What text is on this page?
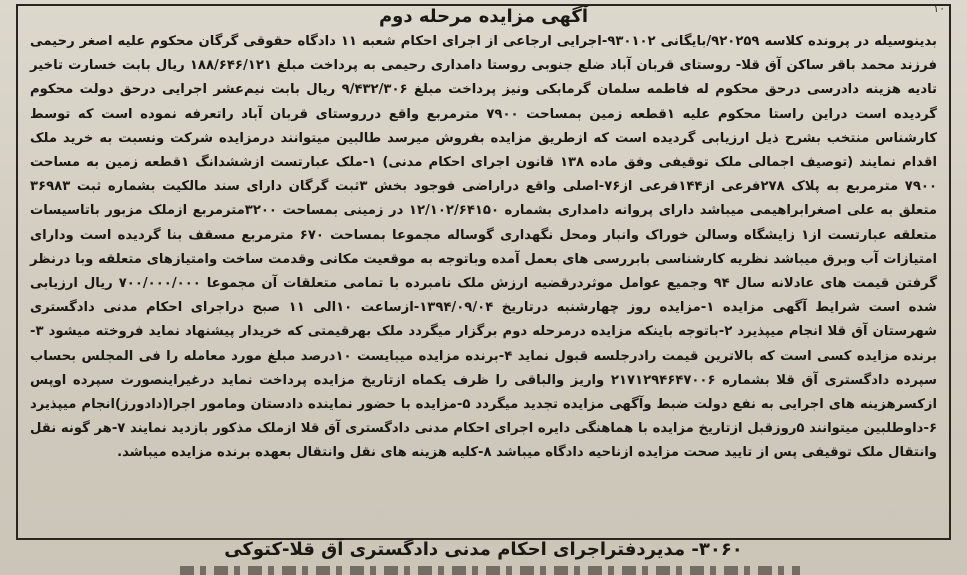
۱۰
آگهی مزایده مرحله دوم
بدینوسیله در پرونده کلاسه ۹۲۰۲۵۹/بایگانی ۹۳۰۱۰۲-اجرایی ارجاعی از اجرای احکام شعبه ۱۱ دادگاه حقوقی گرگان محکوم علیه اصغر رحیمی فرزند محمد باقر ساکن آق قلا- روستای قربان آباد ضلع جنوبی روستا دامداری رحیمی به پرداخت مبلغ ۱۸۸/۶۴۶/۱۲۱ ریال بابت خسارت تاخیر تادیه هزینه دادرسی درحق محکوم له فاطمه سلمان گرمابکی ونیز پرداخت مبلغ ۹/۴۳۲/۳۰۶ ریال بابت نیم‌عشر اجرایی درحق دولت محکوم گردیده است دراین راستا محکوم علیه ۱قطعه زمین بمساحت ۷۹۰۰ مترمربع واقع درروستای قربان آباد راتعرفه نموده است که توسط کارشناس منتخب بشرح ذیل ارزیابی گردیده است که ازطریق مزایده بفروش میرسد طالبین میتوانند درمزایده شرکت ونسبت به خرید ملک اقدام نمایند (توصیف اجمالی ملک توقیفی وفق ماده ۱۳۸ قانون اجرای احکام مدنی) ۱-ملک عبارتست ازششدانگ ۱قطعه زمین به مساحت ۷۹۰۰ مترمربع به پلاک ۲۷۸فرعی از۱۴۴فرعی از۷۶-اصلی واقع دراراضی فوجود بخش ۳ثبت گرگان دارای سند مالکیت بشماره ثبت ۳۶۹۸۳ متعلق به علی اصغرابراهیمی میباشد دارای پروانه دامداری بشماره ۱۲/۱۰۲/۶۴۱۵۰ در زمینی بمساحت ۳۲۰۰مترمربع ازملک مزبور باتاسیسات متعلقه عبارتست از۱ زایشگاه وسالن خوراک وانبار ومحل نگهداری گوساله مجموعا بمساحت ۶۷۰ مترمربع مسقف بنا گردیده است ودارای امتیازات آب وبرق میباشد نظریه کارشناسی بابررسی های بعمل آمده وباتوجه به موقعیت مکانی وقدمت ساخت وامتیازهای متعلقه وبا درنظر گرفتن قیمت های عادلانه سال ۹۴ وجمیع عوامل موثردرقضیه ارزش ملک نامبرده با تمامی متعلقات آن مجموعا ۷۰۰/۰۰۰/۰۰۰ ریال ارزیابی شده است شرایط آگهی مزایده ۱-مزایده روز چهارشنبه درتاریخ ۱۳۹۴/۰۹/۰۴-ازساعت ۱۰الی ۱۱ صبح دراجرای احکام مدنی دادگستری شهرستان آق قلا انجام میپذیرد ۲-باتوجه باینکه مزایده درمرحله دوم برگزار میگردد ملک بهرقیمتی که خریدار پیشنهاد نماید فروخته میشود ۳-برنده مزایده کسی است که بالاترین قیمت رادرجلسه قبول نماید ۴-برنده مزایده میبایست ۱۰درصد مبلغ مورد معامله را فی المجلس بحساب سپرده دادگستری آق قلا بشماره ۲۱۷۱۲۹۴۶۴۷۰۰۶ واریز والباقی را ظرف یکماه ازتاریخ مزایده پرداخت نماید درغیراینصورت سپرده اوپس ازکسرهزینه های اجرایی به نفع دولت ضبط وآگهی مزایده تجدید میگردد ۵-مزایده با حضور نماینده دادستان ومامور اجرا(دادورز)انجام میپذیرد ۶-داوطلبین میتوانند ۵روزقبل ازتاریخ مزایده با هماهنگی دایره اجرای احکام مدنی دادگستری آق قلا ازملک مذکور بازدید نمایند ۷-هر گونه نقل وانتقال ملک توقیفی پس از تایید صحت مزایده ازناحیه دادگاه میباشد ۸-کلیه هزینه های نقل وانتقال بعهده برنده مزایده میباشد.
۳۰۶۰- مدیردفتراجرای احکام مدنی دادگستری آق قلا-کتوکی
